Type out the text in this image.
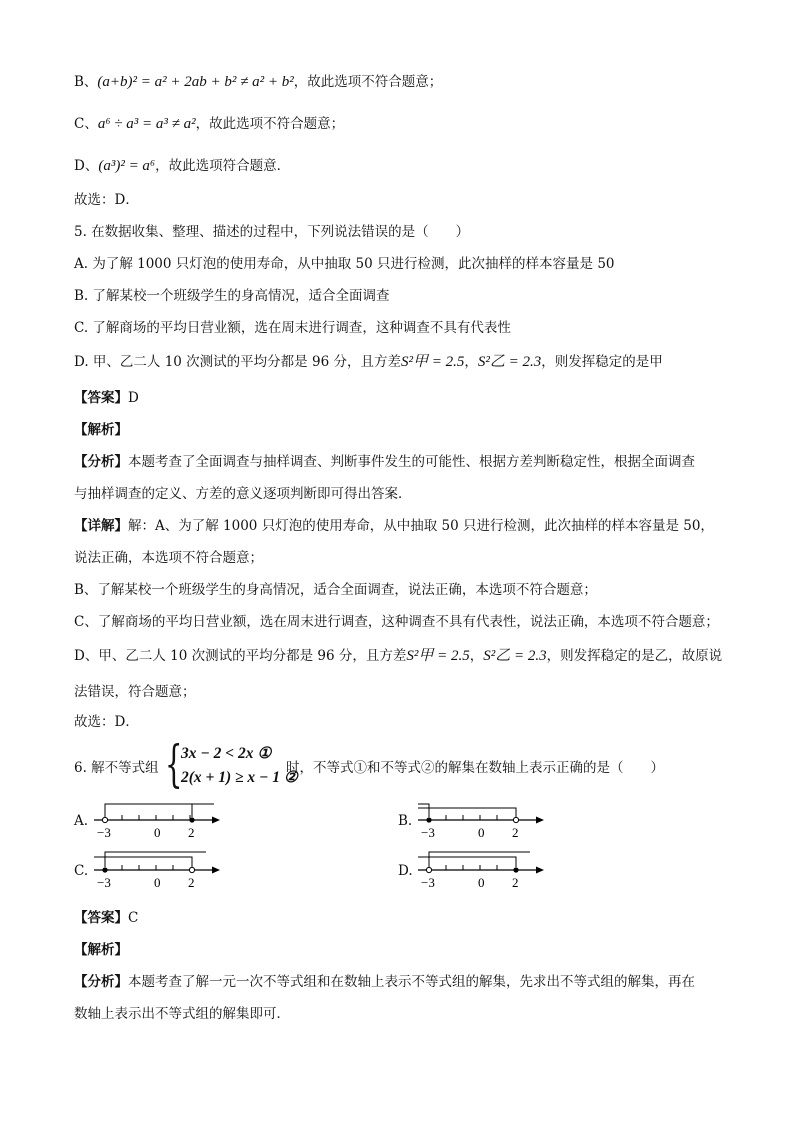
B、(a+b)² = a² + 2ab + b² ≠ a² + b²，故此选项不符合题意；
C、a⁶ ÷ a³ = a³ ≠ a²，故此选项不符合题意；
D、(a³)² = a⁶，故此选项符合题意．
故选：D．
5. 在数据收集、整理、描述的过程中，下列说法错误的是（　　）
A. 为了解 1000 只灯泡的使用寿命，从中抽取 50 只进行检测，此次抽样的样本容量是 50
B. 了解某校一个班级学生的身高情况，适合全面调查
C. 了解商场的平均日营业额，选在周末进行调查，这种调查不具有代表性
D. 甲、乙二人 10 次测试的平均分都是 96 分，且方差S²甲 = 2.5，S²乙 = 2.3，则发挥稳定的是甲
【答案】D
【解析】
【分析】本题考查了全面调查与抽样调查、判断事件发生的可能性、根据方差判断稳定性，根据全面调查
与抽样调查的定义、方差的意义逐项判断即可得出答案．
【详解】解：A、为了解 1000 只灯泡的使用寿命，从中抽取 50 只进行检测，此次抽样的样本容量是 50，
说法正确，本选项不符合题意；
B、了解某校一个班级学生的身高情况，适合全面调查，说法正确，本选项不符合题意；
C、了解商场的平均日营业额，选在周末进行调查，这种调查不具有代表性，说法正确，本选项不符合题意；
D、甲、乙二人 10 次测试的平均分都是 96 分，且方差S²甲 = 2.5，S²乙 = 2.3，则发挥稳定的是乙，故原说
法错误，符合题意；
故选：D．
6. 解不等式组 {
3x − 2 < 2x ①
2(x + 1) ≥ x − 1 ②
时，不等式①和不等式②的解集在数轴上表示正确的是（　　）
A.	B.
C.	D.
−3	0 2	−3	0 2
−3	0 2	−3	0 2
【答案】C
【解析】
【分析】本题考查了解一元一次不等式组和在数轴上表示不等式组的解集，先求出不等式组的解集，再在
数轴上表示出不等式组的解集即可．
